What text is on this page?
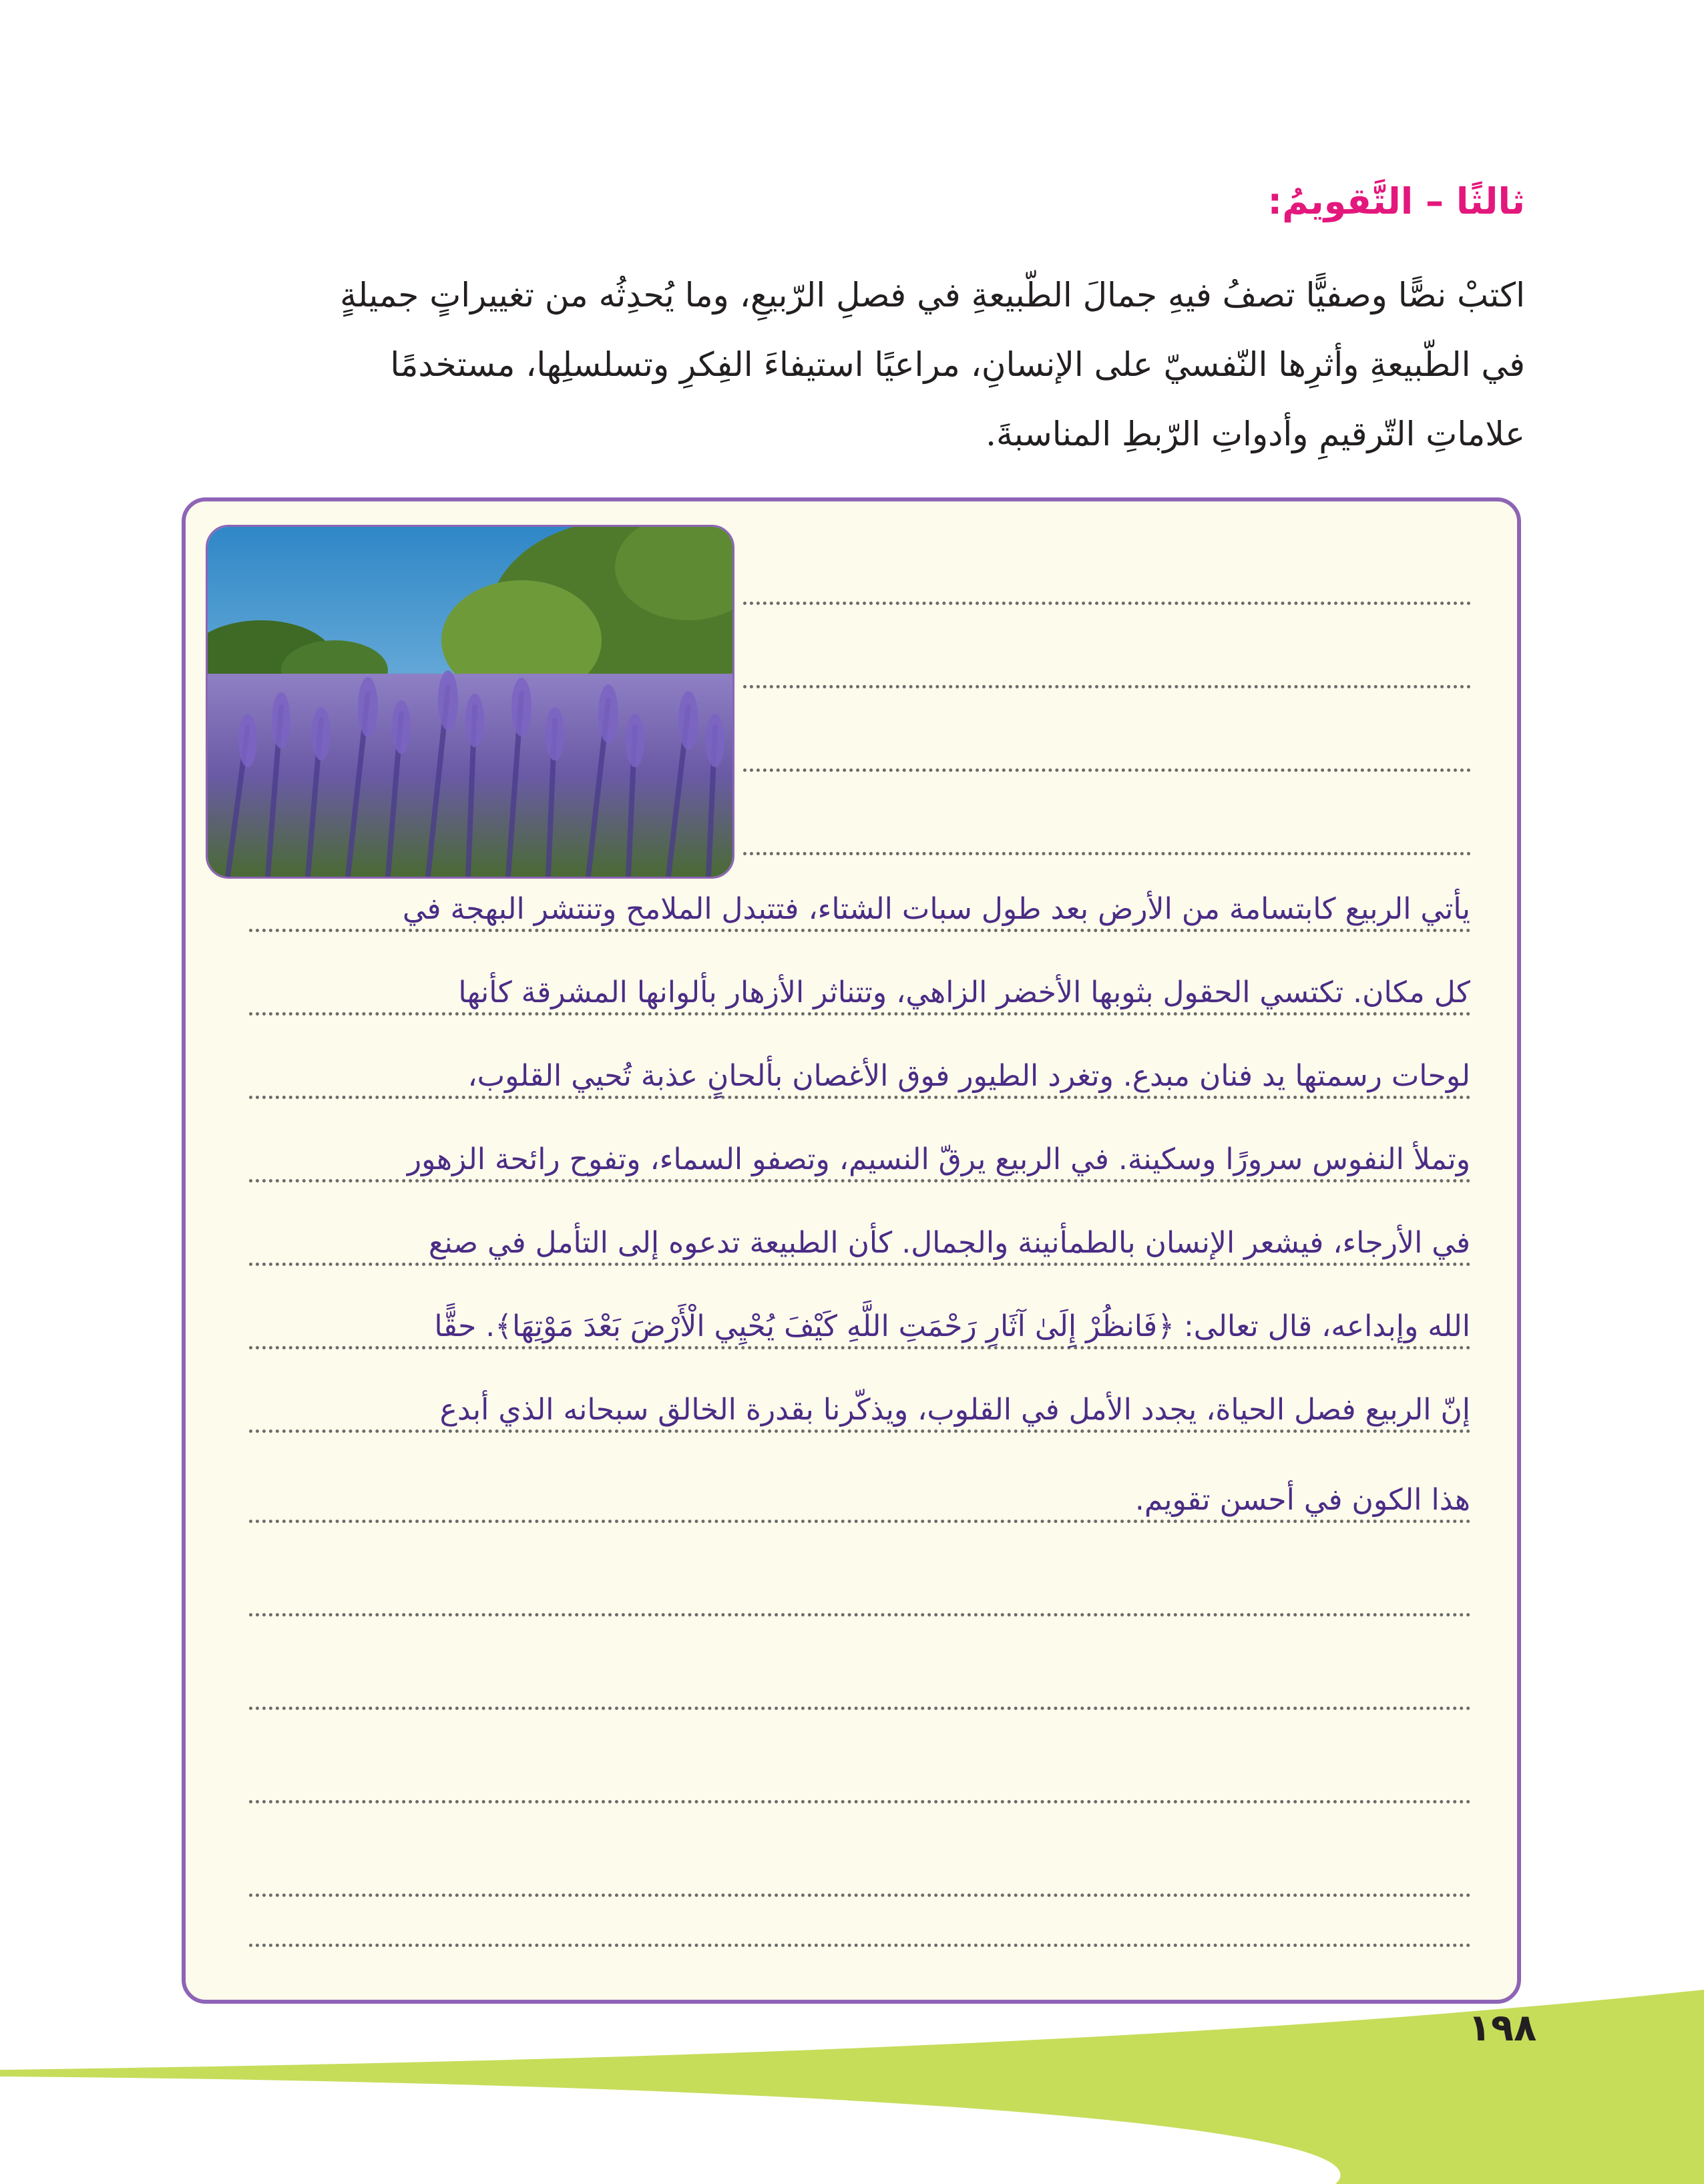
ثالثًا – التَّقويمُ:
اكتبْ نصًّا وصفيًّا تصفُ فيهِ جمالَ الطّبيعةِ في فصلِ الرّبيعِ، وما يُحدِثُه من تغييراتٍ جميلةٍ
في الطّبيعةِ وأثرِها النّفسيّ على الإنسانِ، مراعيًا استيفاءَ الفِكرِ وتسلسلِها، مستخدمًا
علاماتِ التّرقيمِ وأدواتِ الرّبطِ المناسبةَ.
يأتي الربيع كابتسامة من الأرض بعد طول سبات الشتاء، فتتبدل الملامح وتنتشر البهجة في
كل مكان. تكتسي الحقول بثوبها الأخضر الزاهي، وتتناثر الأزهار بألوانها المشرقة كأنها
لوحات رسمتها يد فنان مبدع. وتغرد الطيور فوق الأغصان بألحانٍ عذبة تُحيي القلوب،
وتملأ النفوس سرورًا وسكينة. في الربيع يرقّ النسيم، وتصفو السماء، وتفوح رائحة الزهور
في الأرجاء، فيشعر الإنسان بالطمأنينة والجمال. كأن الطبيعة تدعوه إلى التأمل في صنع
الله وإبداعه، قال تعالى: ﴿فَانظُرْ إِلَىٰ آثَارِ رَحْمَتِ اللَّهِ كَيْفَ يُحْيِي الْأَرْضَ بَعْدَ مَوْتِهَا﴾. حقًّا
إنّ الربيع فصل الحياة، يجدد الأمل في القلوب، ويذكّرنا بقدرة الخالق سبحانه الذي أبدع
هذا الكون في أحسن تقويم.
١٩٨
